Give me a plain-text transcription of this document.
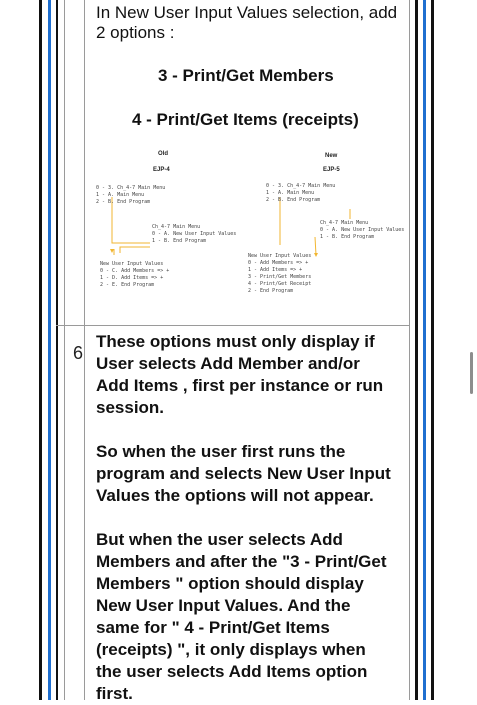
In New User Input Values selection, add
2 options :
3 - Print/Get Members
4 - Print/Get Items (receipts)
Old
EJP-4
New
EJP-5
0 - 3. Ch_4-7 Main Menu
1 - A. Main Menu
2 - B. End Program
Ch_4-7 Main Menu
0 - A. New User Input Values
1 - B. End Program
New User Input Values
0 - C. Add Members => +
1 - D. Add Items => +
2 - E. End Program
0 - 3. Ch_4-7 Main Menu
1 - A. Main Menu
2 - B. End Program
Ch_4-7 Main Menu
0 - A. New User Input Values
1 - B. End Program
New User Input Values
0 - Add Members => +
1 - Add Items => +
3 - Print/Get Members
4 - Print/Get Receipt
2 - End Program
6
These options must only display if
User selects Add Member and/or
Add Items , first per instance or run
session.
So when the user first runs the
program and selects New User Input
Values the options will not appear.
But when the user selects Add
Members and after the "3 - Print/Get
Members " option should display
New User Input Values. And the
same for " 4 - Print/Get Items
(receipts) ", it only displays when
the user selects Add Items option
first.
